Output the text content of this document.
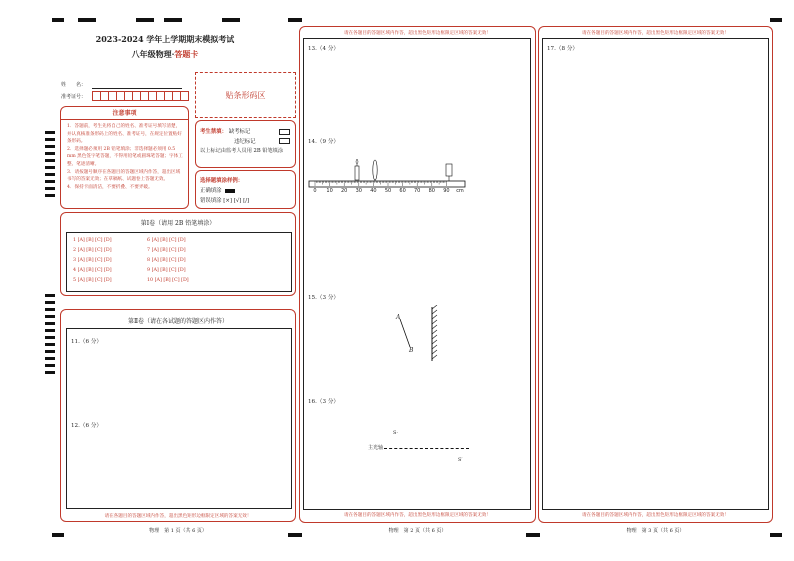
2023-2024 学年上学期期末模拟考试
八年级物理·答题卡
姓　　名：
准考证号：	贴条形码区
注意事项
1．答题前，考生先将自己的姓名、准考证号填写清楚，并认真核准条形码上的姓名、准考证号，在规定位置贴好条形码。
2．选择题必须用 2B 铅笔填涂；非选择题必须用 0.5 mm 黑色签字笔答题，不得用铅笔或圆珠笔答题；字体工整、笔迹清晰。
3．请按题号顺序在各题目的答题区域内作答，超出区域书写的答案无效；在草稿纸、试题卷上答题无效。
4．保持卡面清洁，不要折叠、不要弄破。
考生禁填： 缺考标记
违纪标记
以上标记由监考人员用 2B 铅笔填涂
选择题填涂样例：
正确填涂
错误填涂 [×] [√] [/]
第Ⅰ卷（请用 2B 铅笔填涂）
1 [A] [B] [C] [D]
2 [A] [B] [C] [D]
3 [A] [B] [C] [D]
4 [A] [B] [C] [D]
5 [A] [B] [C] [D]
6 [A] [B] [C] [D]
7 [A] [B] [C] [D]
8 [A] [B] [C] [D]
9 [A] [B] [C] [D]
10 [A] [B] [C] [D]
第Ⅱ卷（请在各试题的答题区内作答）
11.（6 分）
12.（6 分）
请在各题目的答题区域内作答，超出黑色矩形边框限定区域的答案无效！
物理　第 1 页（共 6 页）
请在各题目的答题区域内作答，超出黑色矩形边框限定区域的答案无效！
请在各题目的答题区域内作答，超出黑色矩形边框限定区域的答案无效！
13.（4 分）
14.（9 分）
15.（3 分）
16.（3 分）
0 10 20 30 40 50 60 70 80 90 cm
A
B
S·
主光轴
S′
物理　第 2 页（共 6 页）
请在各题目的答题区域内作答，超出黑色矩形边框限定区域的答案无效！
请在各题目的答题区域内作答，超出黑色矩形边框限定区域的答案无效！
17.（8 分）
物理　第 3 页（共 6 页）
